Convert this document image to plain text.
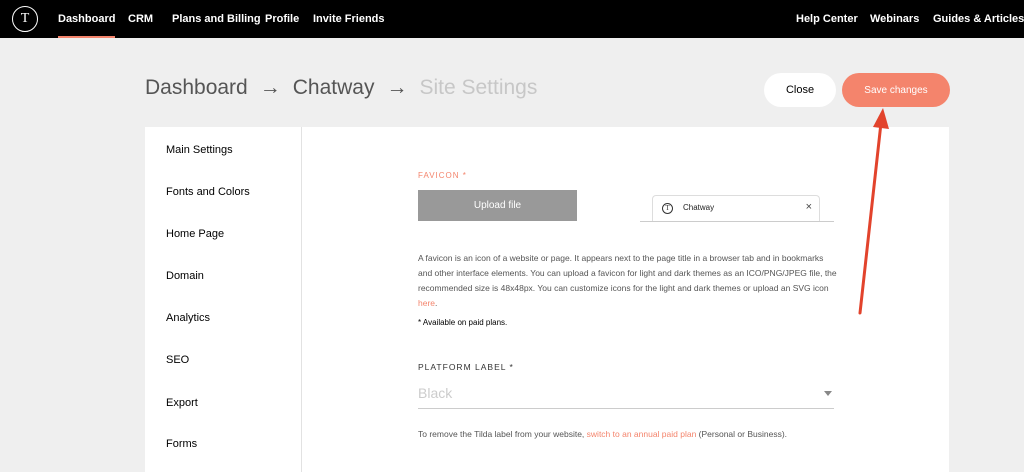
T	Dashboard CRM Plans and Billing Profile Invite Friends	Help Center Webinars Guides & Articles
Dashboard → Chatway → Site Settings	Close	Save changes
Main Settings
Fonts and Colors
Home Page
Domain
Analytics
SEO
Export
Forms
FAVICON *
Upload file	T	Chatway	×
A favicon is an icon of a website or page. It appears next to the page title in a browser tab and in bookmarks and other interface elements. You can upload a favicon for light and dark themes as an ICO/PNG/JPEG file, the recommended size is 48x48px. You can customize icons for the light and dark themes or upload an SVG icon here.
* Available on paid plans.
PLATFORM LABEL *
Black
To remove the Tilda label from your website, switch to an annual paid plan (Personal or Business).
